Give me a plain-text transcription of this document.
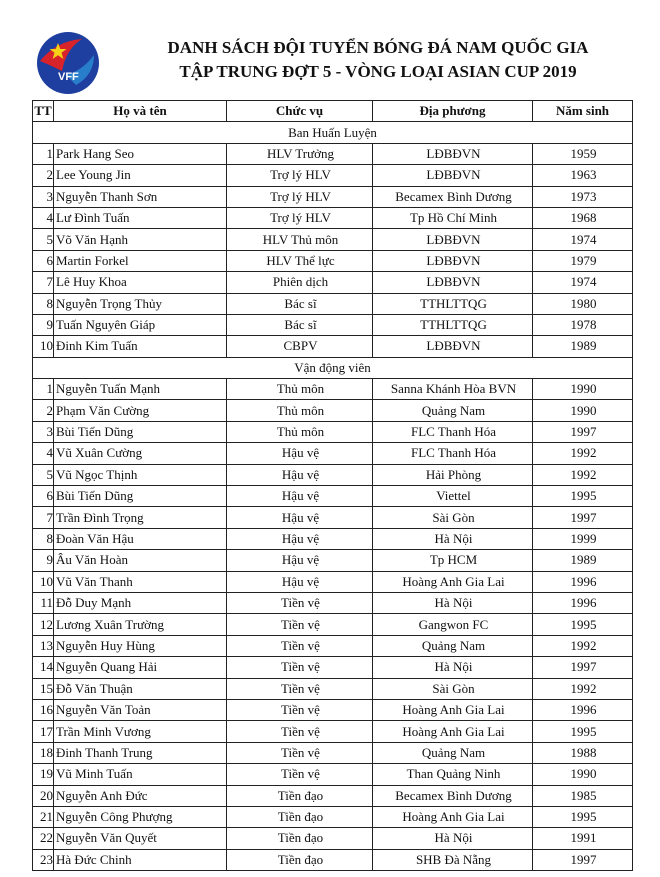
VFF
DANH SÁCH ĐỘI TUYỂN BÓNG ĐÁ NAM QUỐC GIA
TẬP TRUNG ĐỢT 5 - VÒNG LOẠI ASIAN CUP 2019
TT	Họ và tên	Chức vụ	Địa phương	Năm sinh
Ban Huấn Luyện				
1	Park Hang Seo	HLV Trưởng	LĐBĐVN	1959
2	Lee Young Jin	Trợ lý HLV	LĐBĐVN	1963
3	Nguyễn Thanh Sơn	Trợ lý HLV	Becamex Bình Dương	1973
4	Lư Đình Tuấn	Trợ lý HLV	Tp Hồ Chí Minh	1968
5	Võ Văn Hạnh	HLV Thủ môn	LĐBĐVN	1974
6	Martin Forkel	HLV Thể lực	LĐBĐVN	1979
7	Lê Huy Khoa	Phiên dịch	LĐBĐVN	1974
8	Nguyễn Trọng Thủy	Bác sĩ	TTHLTTQG	1980
9	Tuấn Nguyên Giáp	Bác sĩ	TTHLTTQG	1978
10	Đinh Kim Tuấn	CBPV	LĐBĐVN	1989
Vận động viên				
1	Nguyễn Tuấn Mạnh	Thủ môn	Sanna Khánh Hòa BVN	1990
2	Phạm Văn Cường	Thủ môn	Quảng Nam	1990
3	Bùi Tiến Dũng	Thủ môn	FLC Thanh Hóa	1997
4	Vũ Xuân Cường	Hậu vệ	FLC Thanh Hóa	1992
5	Vũ Ngọc Thịnh	Hậu vệ	Hải Phòng	1992
6	Bùi Tiến Dũng	Hậu vệ	Viettel	1995
7	Trần Đình Trọng	Hậu vệ	Sài Gòn	1997
8	Đoàn Văn Hậu	Hậu vệ	Hà Nội	1999
9	Âu Văn Hoàn	Hậu vệ	Tp HCM	1989
10	Vũ Văn Thanh	Hậu vệ	Hoàng Anh Gia Lai	1996
11	Đỗ Duy Mạnh	Tiền vệ	Hà Nội	1996
12	Lương Xuân Trường	Tiền vệ	Gangwon FC	1995
13	Nguyễn Huy Hùng	Tiền vệ	Quảng Nam	1992
14	Nguyễn Quang Hải	Tiền vệ	Hà Nội	1997
15	Đỗ Văn Thuận	Tiền vệ	Sài Gòn	1992
16	Nguyễn Văn Toản	Tiền vệ	Hoàng Anh Gia Lai	1996
17	Trần Minh Vương	Tiền vệ	Hoàng Anh Gia Lai	1995
18	Đinh Thanh Trung	Tiền vệ	Quảng Nam	1988
19	Vũ Minh Tuấn	Tiền vệ	Than Quảng Ninh	1990
20	Nguyễn Anh Đức	Tiền đạo	Becamex Bình Dương	1985
21	Nguyễn Công Phượng	Tiền đạo	Hoàng Anh Gia Lai	1995
22	Nguyễn Văn Quyết	Tiền đạo	Hà Nội	1991
23	Hà Đức Chinh	Tiền đạo	SHB Đà Nẵng	1997
